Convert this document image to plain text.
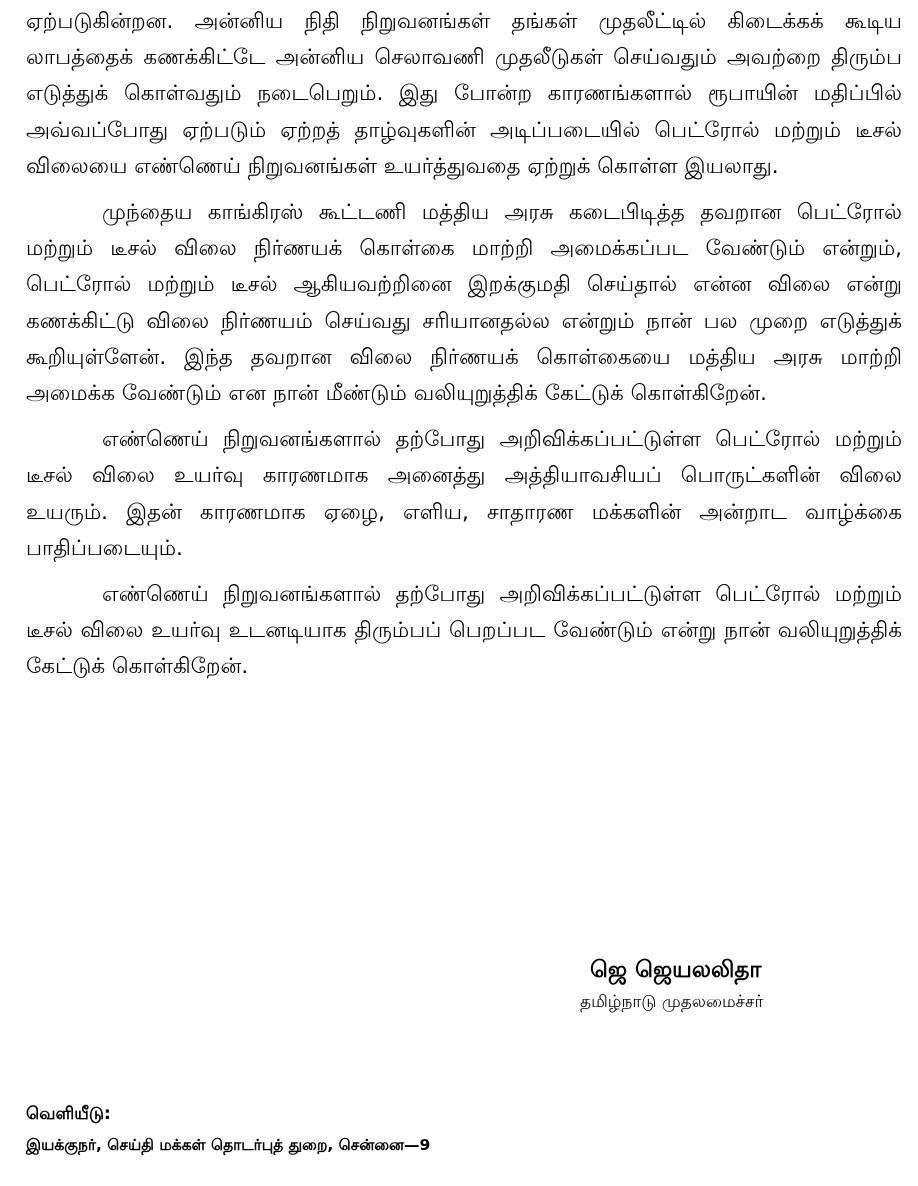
ஏற்படுகின்றன. அன்னிய நிதி நிறுவனங்கள் தங்கள் முதலீட்டில் கிடைக்கக் கூடிய லாபத்தைக் கணக்கிட்டே அன்னிய செலாவணி முதலீடுகள் செய்வதும் அவற்றை திரும்ப எடுத்துக் கொள்வதும் நடைபெறும். இது போன்ற காரணங்களால் ரூபாயின் மதிப்பில் அவ்வப்போது ஏற்படும் ஏற்றத் தாழ்வுகளின் அடிப்படையில் பெட்ரோல் மற்றும் டீசல் விலையை எண்ணெய் நிறுவனங்கள் உயர்த்துவதை ஏற்றுக் கொள்ள இயலாது.

முந்தைய காங்கிரஸ் கூட்டணி மத்திய அரசு கடைபிடித்த தவறான பெட்ரோல் மற்றும் டீசல் விலை நிர்ணயக் கொள்கை மாற்றி அமைக்கப்பட வேண்டும் என்றும், பெட்ரோல் மற்றும் டீசல் ஆகியவற்றினை இறக்குமதி செய்தால் என்ன விலை என்று கணக்கிட்டு விலை நிர்ணயம் செய்வது சரியானதல்ல என்றும் நான் பல முறை எடுத்துக் கூறியுள்ளேன். இந்த தவறான விலை நிர்ணயக் கொள்கையை மத்திய அரசு மாற்றி அமைக்க வேண்டும் என நான் மீண்டும் வலியுறுத்திக் கேட்டுக் கொள்கிறேன்.

எண்ணெய் நிறுவனங்களால் தற்போது அறிவிக்கப்பட்டுள்ள பெட்ரோல் மற்றும் டீசல் விலை உயர்வு காரணமாக அனைத்து அத்தியாவசியப் பொருட்களின் விலை உயரும். இதன் காரணமாக ஏழை, எளிய, சாதாரண மக்களின் அன்றாட வாழ்க்கை பாதிப்படையும்.

எண்ணெய் நிறுவனங்களால் தற்போது அறிவிக்கப்பட்டுள்ள பெட்ரோல் மற்றும் டீசல் விலை உயர்வு உடனடியாக திரும்பப் பெறப்பட வேண்டும் என்று நான் வலியுறுத்திக் கேட்டுக் கொள்கிறேன்.

ஜெ ஜெயலலிதா
தமிழ்நாடு முதலமைச்சர்
வெளியீடு:
இயக்குநர், செய்தி மக்கள் தொடர்புத் துறை, சென்னை—9
